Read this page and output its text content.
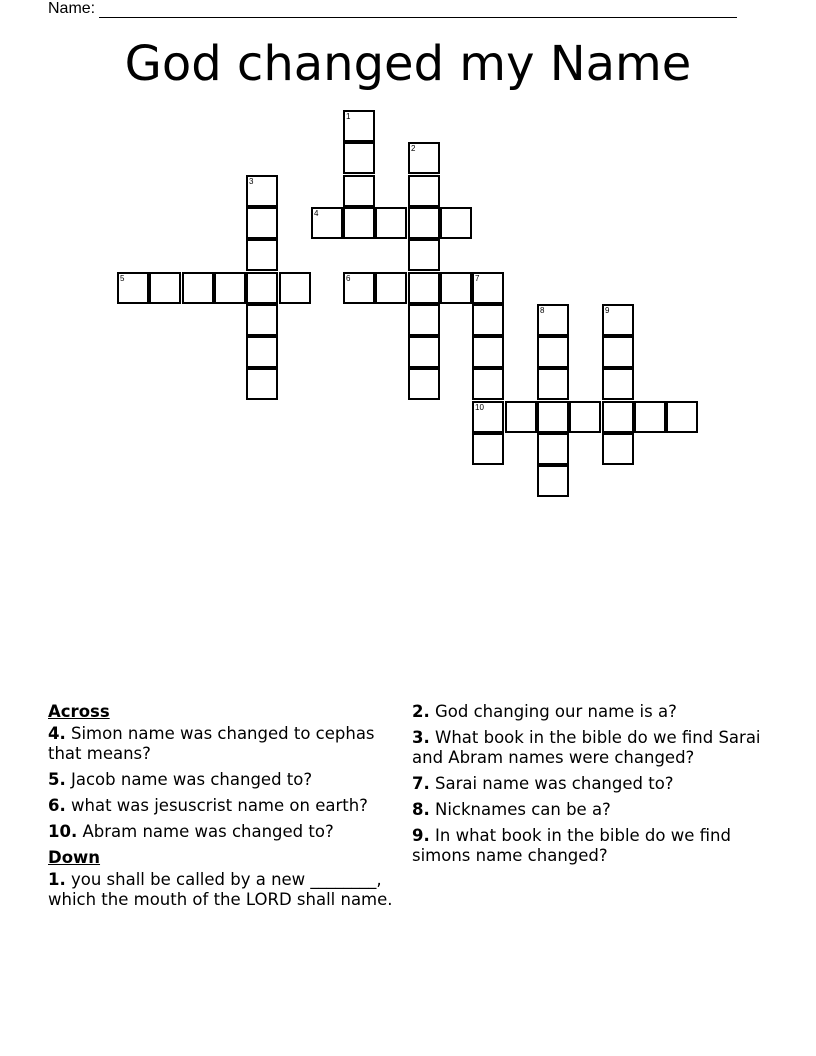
Name:
God changed my Name
1
2
3
4
5	6	7
10
8	9
Across
4. Simon name was changed to cephas that means?
5. Jacob name was changed to?
6. what was jesuscrist name on earth?
10. Abram name was changed to?
Down
1. you shall be called by a new ________, which the mouth of the LORD shall name.
2. God changing our name is a?
3. What book in the bible do we find Sarai and Abram names were changed?
7. Sarai name was changed to?
8. Nicknames can be a?
9. In what book in the bible do we find simons name changed?
